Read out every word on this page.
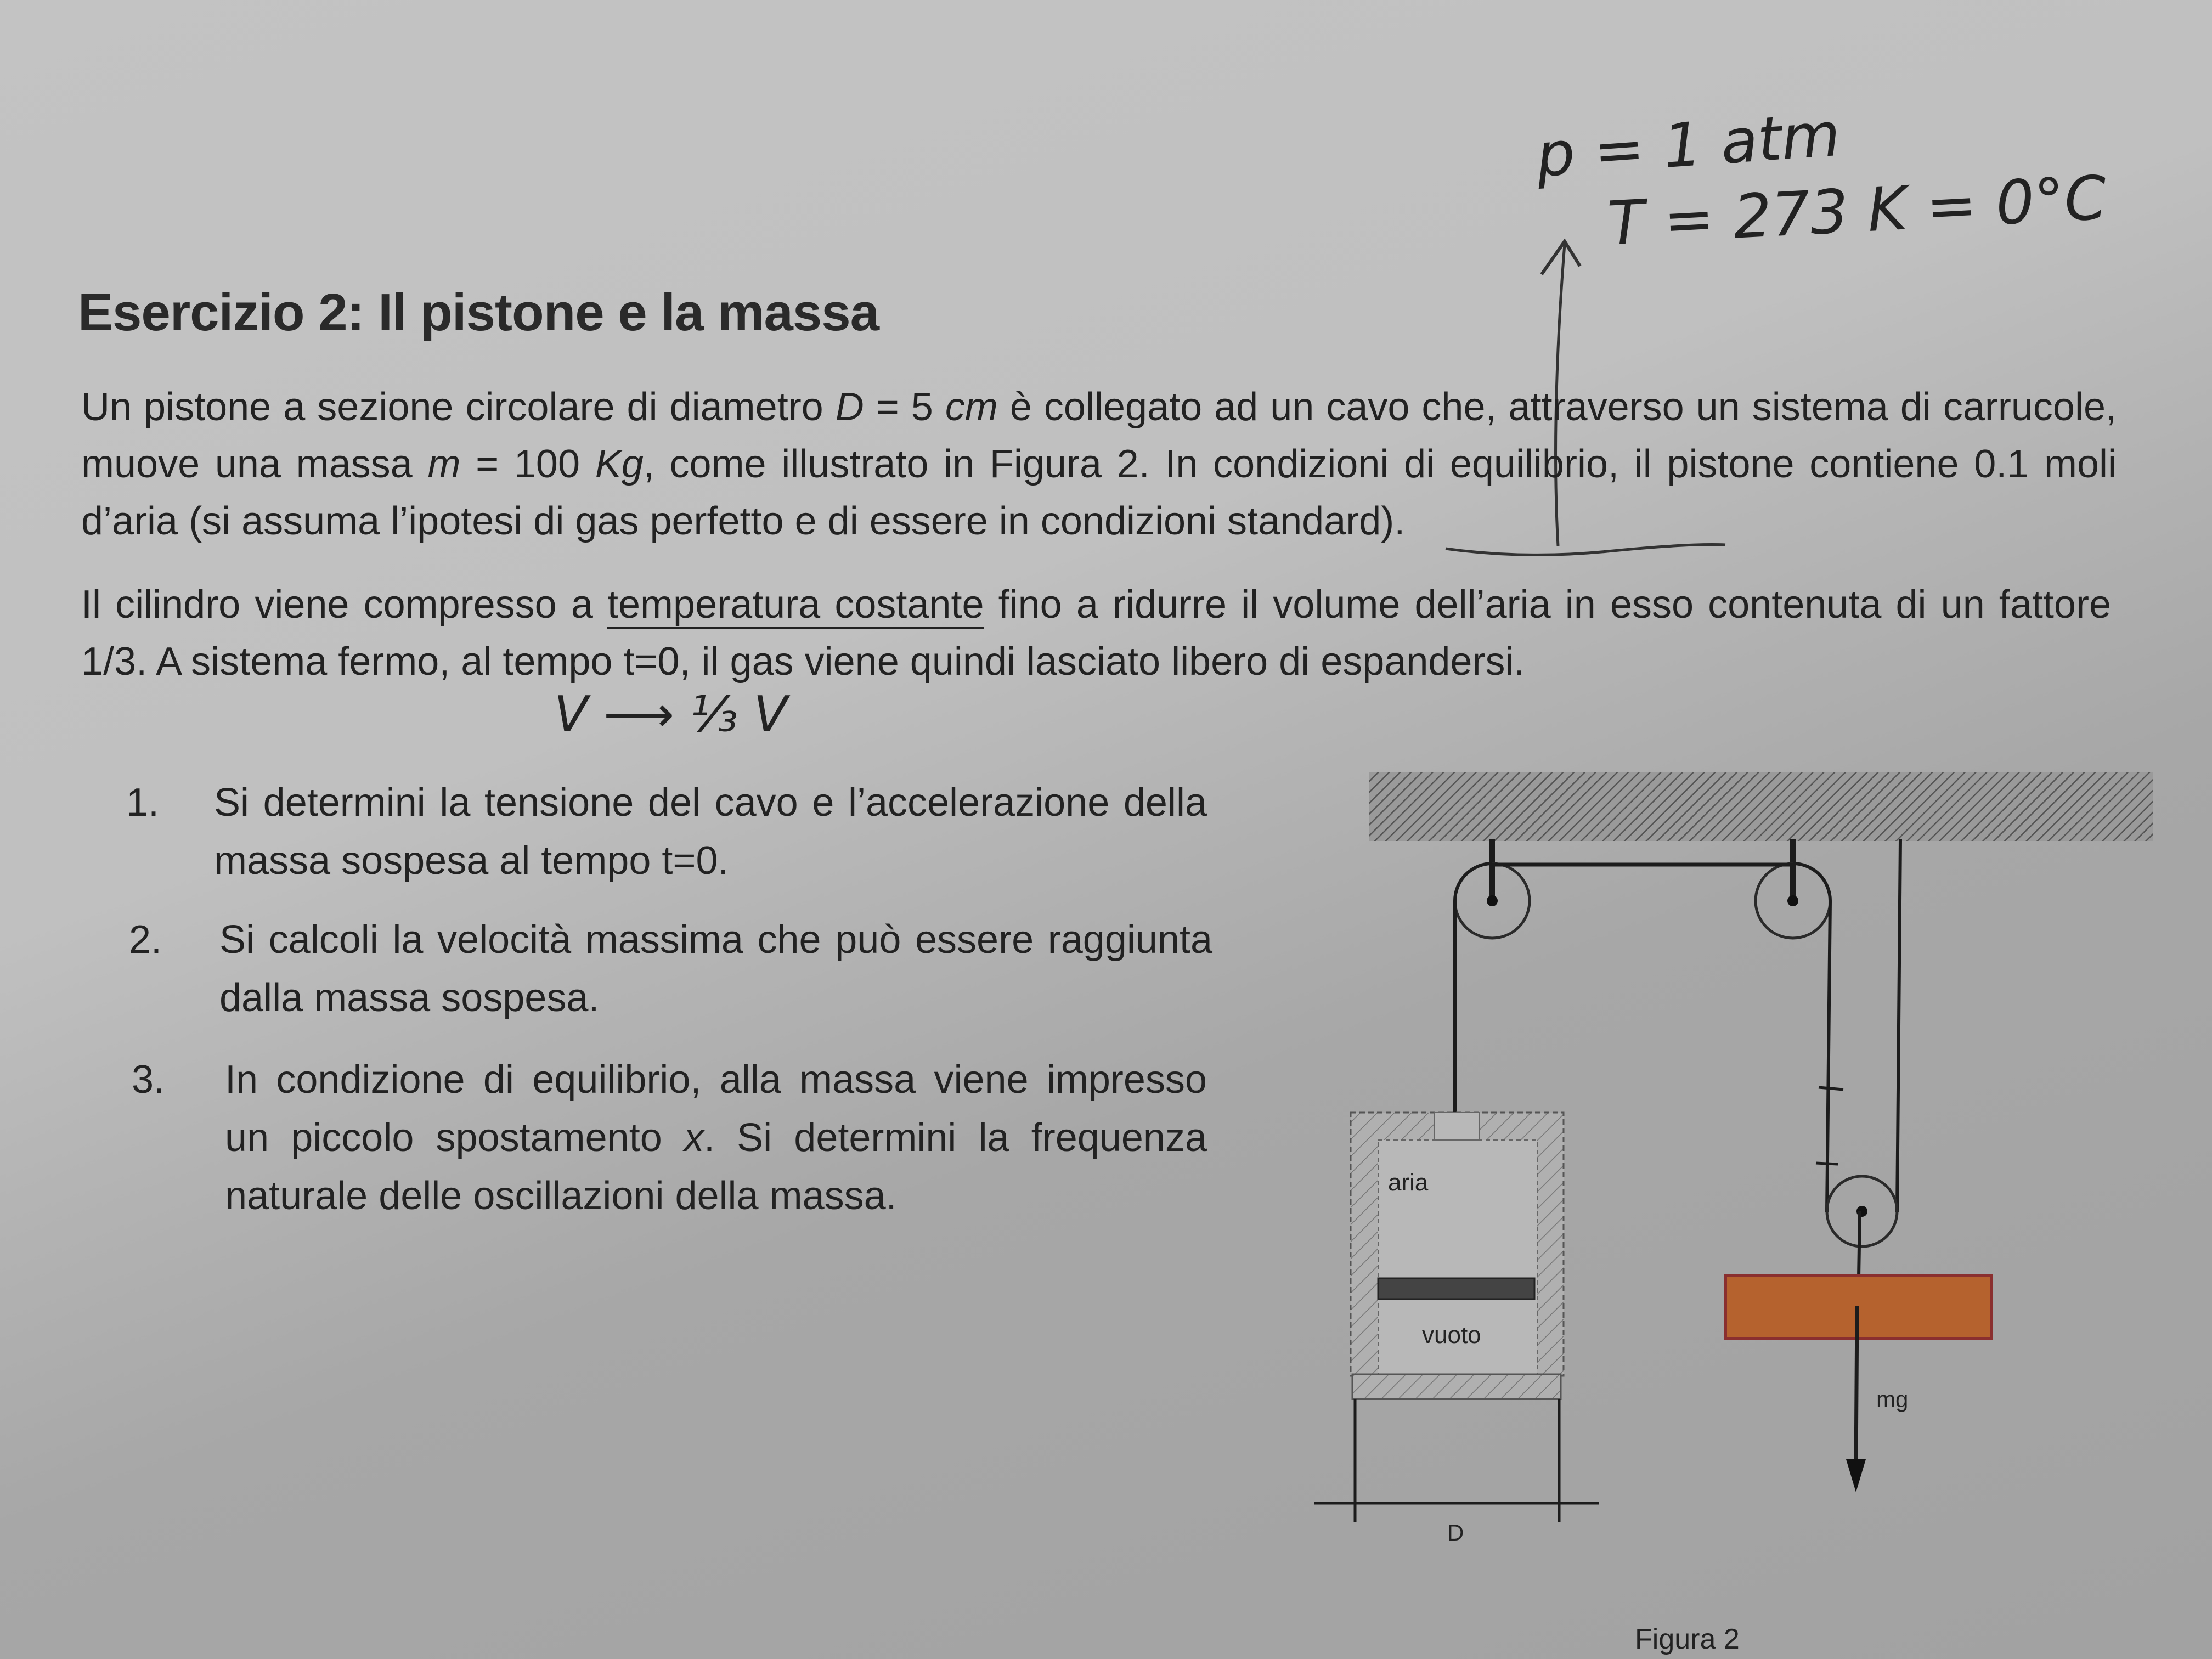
p = 1 atm
T = 273 K = 0°C
V ⟶ ⅓ V
Esercizio 2: Il pistone e la massa
Un pistone a sezione circolare di diametro D = 5 cm è collegato ad un cavo che, attraverso un sistema di carrucole, muove una massa m = 100 Kg, come illustrato in Figura 2. In condizioni di equilibrio, il pistone contiene 0.1 moli d’aria (si assuma l’ipotesi di gas perfetto e di essere in condizioni standard).
Il cilindro viene compresso a temperatura costante fino a ridurre il volume dell’aria in esso contenuta di un fattore 1/3. A sistema fermo, al tempo t=0, il gas viene quindi lasciato libero di espandersi.
1. Si determini la tensione del cavo e l’accelerazione della massa sospesa al tempo t=0.
2. Si calcoli la velocità massima che può essere raggiunta dalla massa sospesa.
3. In condizione di equilibrio, alla massa viene impresso un piccolo spostamento x. Si determini la frequenza naturale delle oscillazioni della massa.
mg
aria
vuoto
D
Figura 2
